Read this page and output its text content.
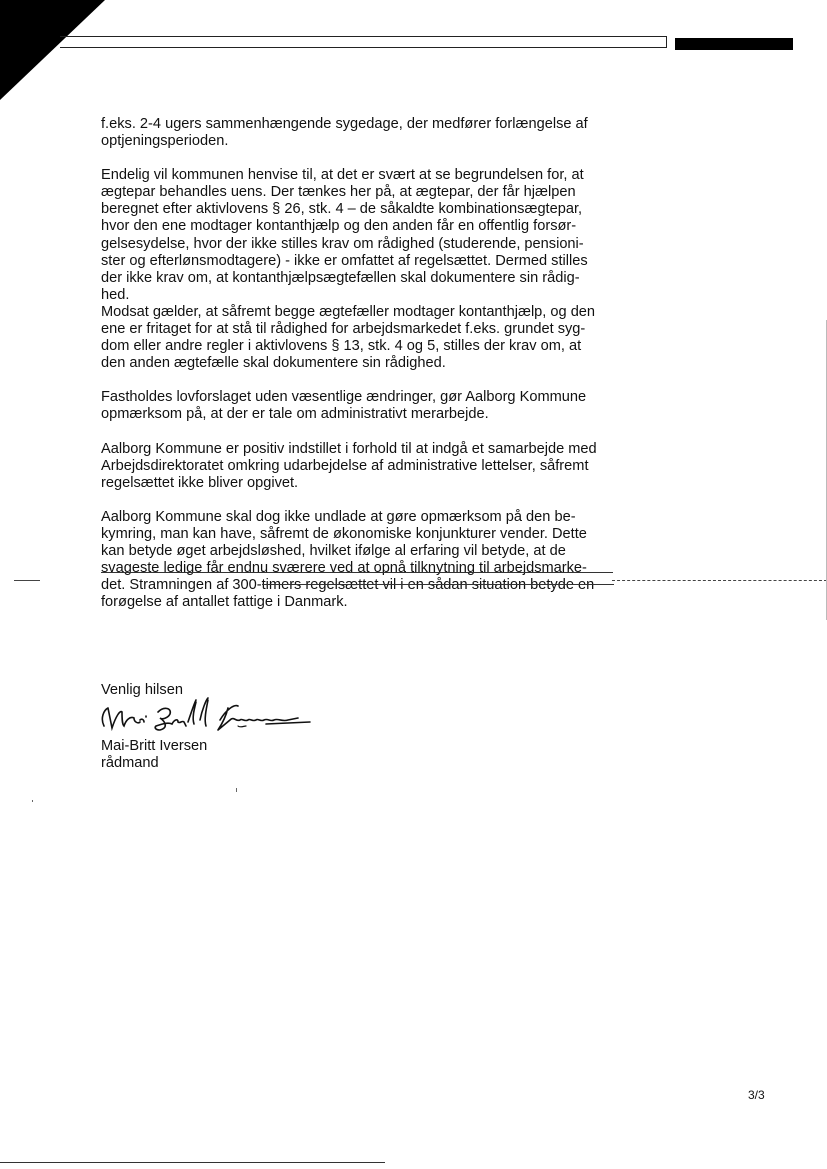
f.eks. 2-4 ugers sammenhængende sygedage, der medfører forlængelse af
optjeningsperioden.

Endelig vil kommunen henvise til, at det er svært at se begrundelsen for, at
ægtepar behandles uens. Der tænkes her på, at ægtepar, der får hjælpen
beregnet efter aktivlovens § 26, stk. 4 – de såkaldte kombinationsægtepar,
hvor den ene modtager kontanthjælp og den anden får en offentlig forsør-
gelsesydelse, hvor der ikke stilles krav om rådighed (studerende, pensioni-
ster og efterlønsmodtagere) - ikke er omfattet af regelsættet. Dermed stilles
der ikke krav om, at kontanthjælpsægtefællen skal dokumentere sin rådig-
hed.

Modsat gælder, at såfremt begge ægtefæller modtager kontanthjælp, og den
ene er fritaget for at stå til rådighed for arbejdsmarkedet f.eks. grundet syg-
dom eller andre regler i aktivlovens § 13, stk. 4 og 5, stilles der krav om, at
den anden ægtefælle skal dokumentere sin rådighed.

Fastholdes lovforslaget uden væsentlige ændringer, gør Aalborg Kommune
opmærksom på, at der er tale om administrativt merarbejde.

Aalborg Kommune er positiv indstillet i forhold til at indgå et samarbejde med
Arbejdsdirektoratet omkring udarbejdelse af administrative lettelser, såfremt
regelsættet ikke bliver opgivet.

Aalborg Kommune skal dog ikke undlade at gøre opmærksom på den be-
kymring, man kan have, såfremt de økonomiske konjunkturer vender. Dette
kan betyde øget arbejdsløshed, hvilket ifølge al erfaring vil betyde, at de
svageste ledige får endnu sværere ved at opnå tilknytning til arbejdsmarke-
det. Stramningen af 300-timers regelsættet vil i en sådan situation betyde en
forøgelse af antallet fattige i Danmark.

Venlig hilsen
Mai-Britt Iversen
rådmand
3/3
